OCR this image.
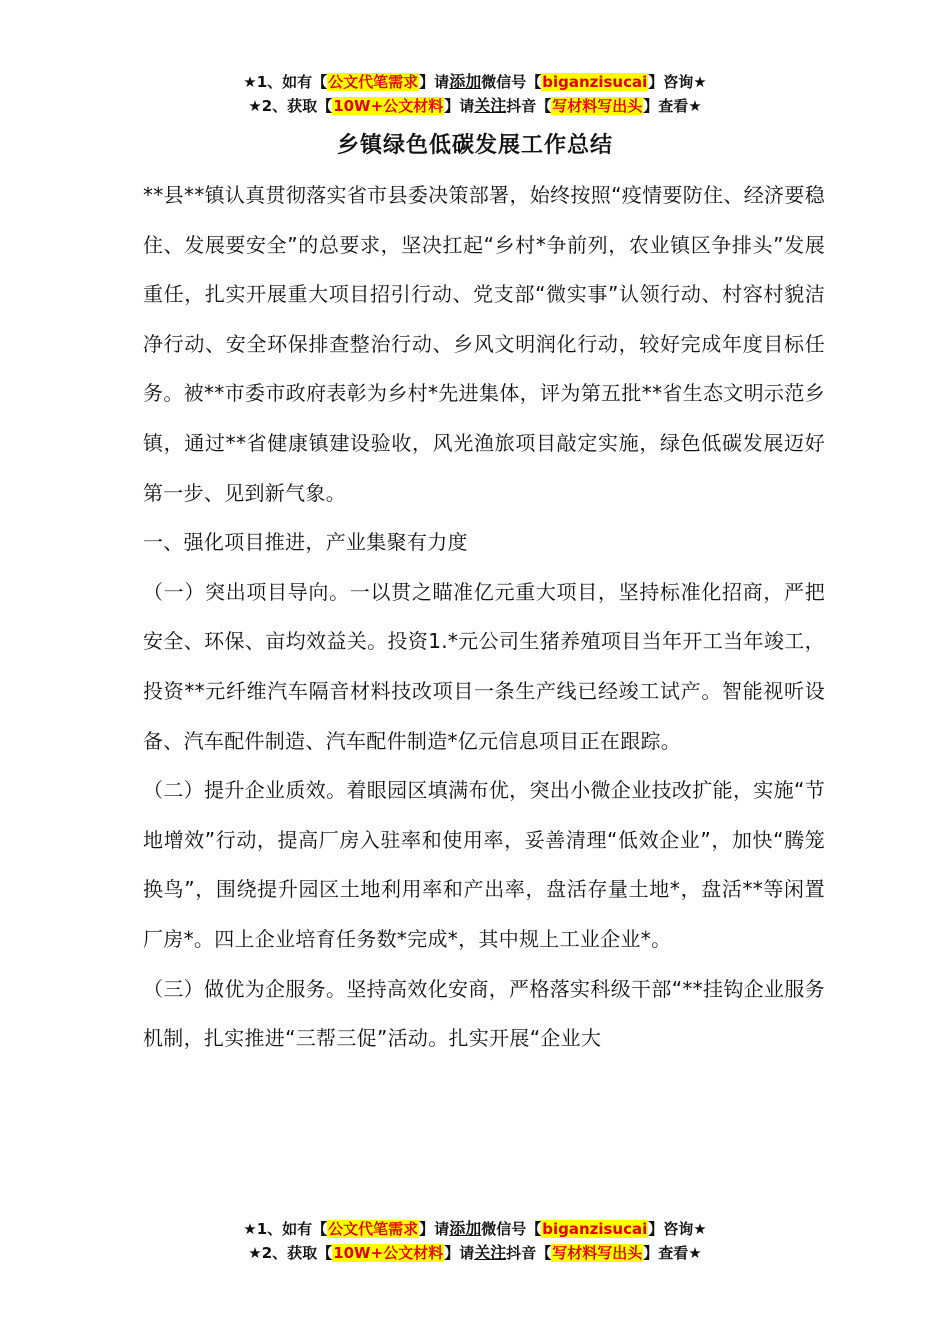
★1、如有【公文代笔需求】请添加微信号【biganzisucai】咨询★
★2、获取【10W+公文材料】请关注抖音【写材料写出头】查看★
乡镇绿色低碳发展工作总结

**县**镇认真贯彻落实省市县委决策部署，始终按照“疫情要防住、经济要稳住、发展要安全”的总要求，坚决扛起“乡村*争前列，农业镇区争排头”发展重任，扎实开展重大项目招引行动、党支部“微实事”认领行动、村容村貌洁净行动、安全环保排查整治行动、乡风文明润化行动，较好完成年度目标任务。被**市委市政府表彰为乡村*先进集体，评为第五批**省生态文明示范乡镇，通过**省健康镇建设验收，风光渔旅项目敲定实施，绿色低碳发展迈好第一步、见到新气象。

一、强化项目推进，产业集聚有力度

（一）突出项目导向。一以贯之瞄准亿元重大项目，坚持标准化招商，严把安全、环保、亩均效益关。投资1.*元公司生猪养殖项目当年开工当年竣工，投资**元纤维汽车隔音材料技改项目一条生产线已经竣工试产。智能视听设备、汽车配件制造、汽车配件制造*亿元信息项目正在跟踪。

（二）提升企业质效。着眼园区填满布优，突出小微企业技改扩能，实施“节地增效”行动，提高厂房入驻率和使用率，妥善清理“低效企业”，加快“腾笼换鸟”，围绕提升园区土地利用率和产出率，盘活存量土地*，盘活**等闲置厂房*。四上企业培育任务数*完成*，其中规上工业企业*。

（三）做优为企服务。坚持高效化安商，严格落实科级干部“**挂钩企业服务机制，扎实推进“三帮三促”活动。扎实开展“企业大

★1、如有【公文代笔需求】请添加微信号【biganzisucai】咨询★
★2、获取【10W+公文材料】请关注抖音【写材料写出头】查看★
